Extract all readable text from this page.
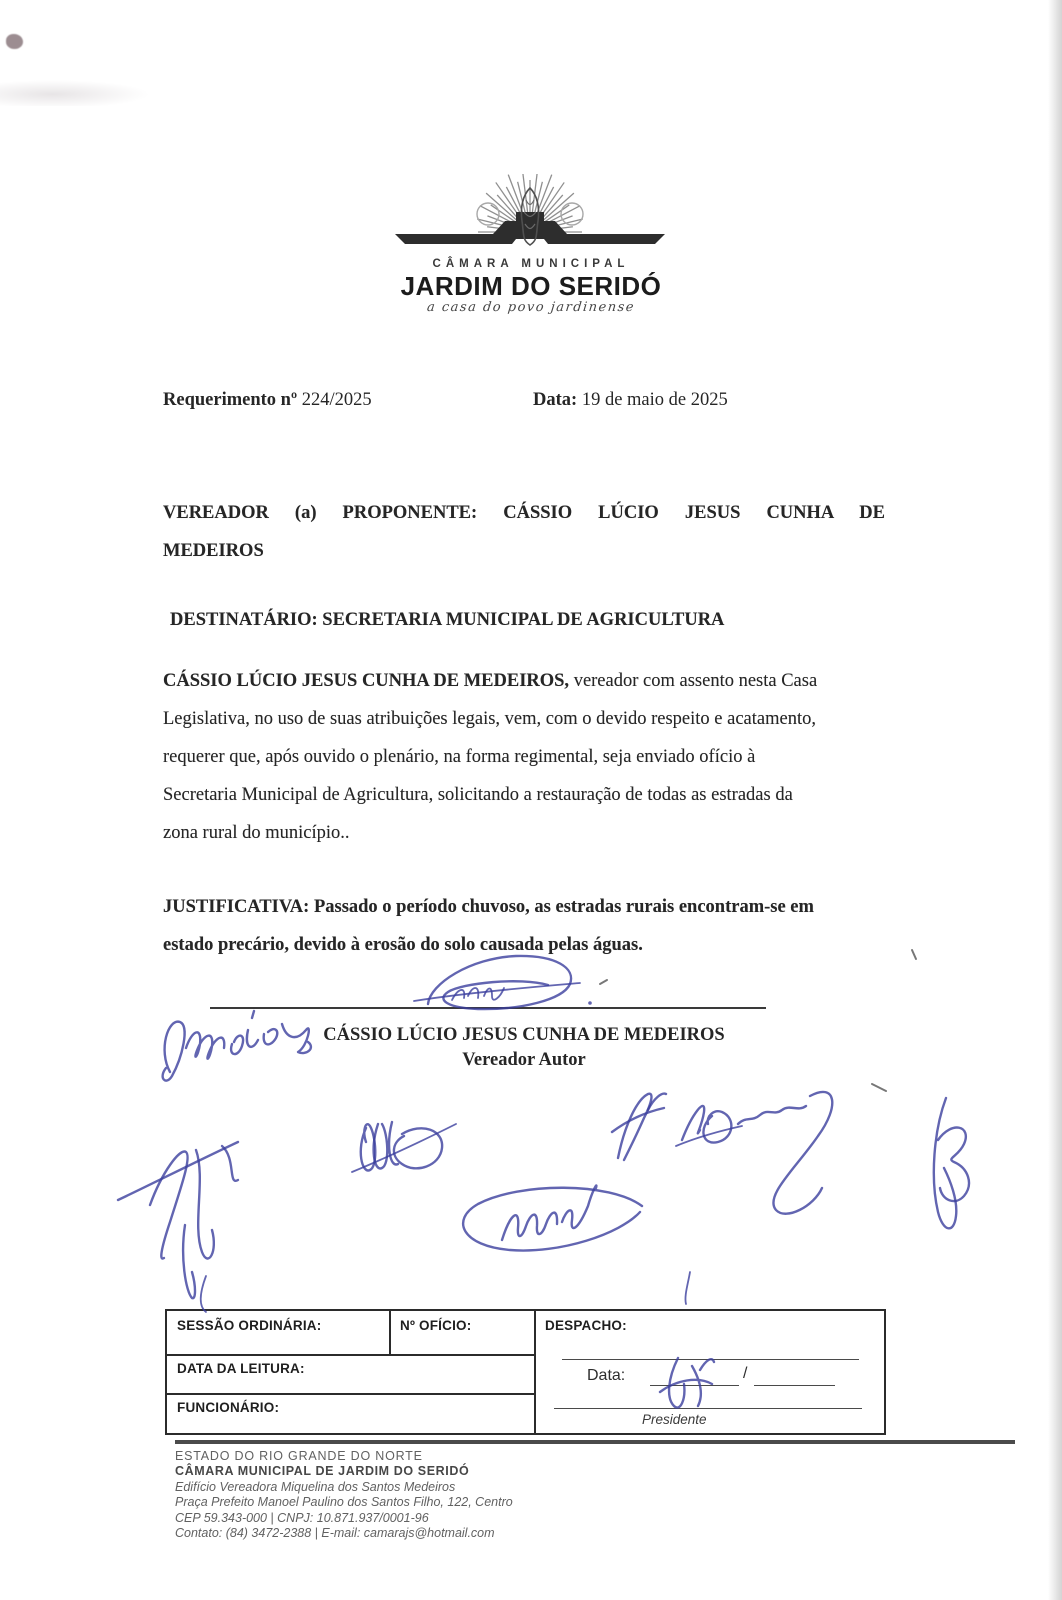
CÂMARA MUNICIPAL
JARDIM DO SERIDÓ
a casa do povo jardinense
Requerimento nº 224/2025	Data: 19 de maio de 2025
VEREADOR (a) PROPONENTE: CÁSSIO LÚCIO JESUS CUNHA DE
MEDEIROS
DESTINATÁRIO: SECRETARIA MUNICIPAL DE AGRICULTURA
CÁSSIO LÚCIO JESUS CUNHA DE MEDEIROS, vereador com assento nesta Casa
Legislativa, no uso de suas atribuições legais, vem, com o devido respeito e acatamento,
requerer que, após ouvido o plenário, na forma regimental, seja enviado ofício à
Secretaria Municipal de Agricultura, solicitando a restauração de todas as estradas da
zona rural do município..
JUSTIFICATIVA: Passado o período chuvoso, as estradas rurais encontram-se em
estado precário, devido à erosão do solo causada pelas águas.
CÁSSIO LÚCIO JESUS CUNHA DE MEDEIROS
Vereador Autor
SESSÃO ORDINÁRIA:	Nº OFÍCIO:	DESPACHO:
DATA DA LEITURA:
FUNCIONÁRIO:
Data:	/
Presidente
ESTADO DO RIO GRANDE DO NORTE
CÂMARA MUNICIPAL DE JARDIM DO SERIDÓ
Edifício Vereadora Miquelina dos Santos Medeiros
Praça Prefeito Manoel Paulino dos Santos Filho, 122, Centro
CEP 59.343-000 | CNPJ: 10.871.937/0001-96
Contato: (84) 3472-2388 | E-mail: camarajs@hotmail.com
